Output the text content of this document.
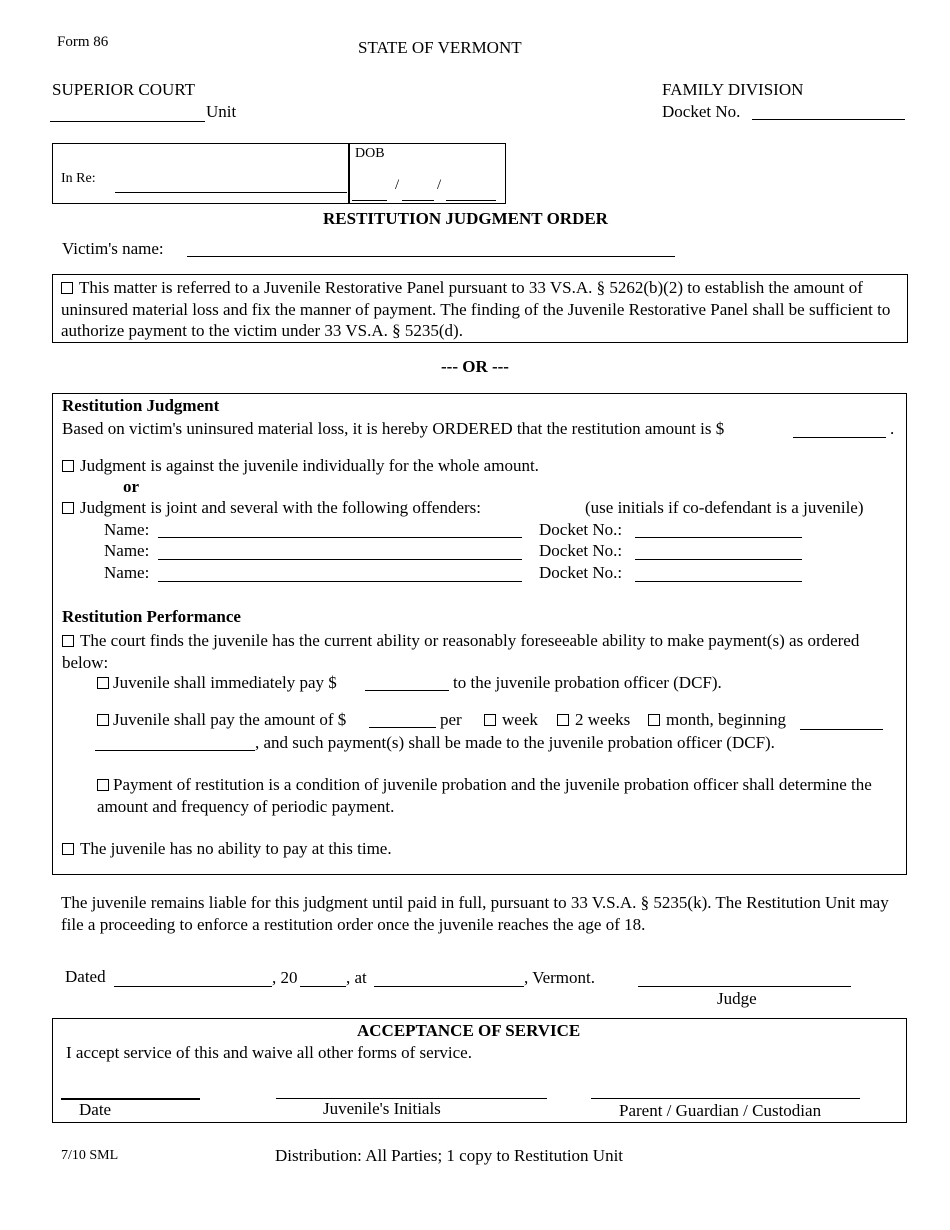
Form 86	STATE OF VERMONT
SUPERIOR COURT
Unit
FAMILY DIVISION
Docket No.
In Re:
DOB
/	/
RESTITUTION JUDGMENT ORDER
Victim's name:
This matter is referred to a Juvenile Restorative Panel pursuant to 33 VS.A. § 5262(b)(2) to establish the amount of uninsured material loss and fix the manner of payment. The finding of the Juvenile Restorative Panel shall be sufficient to authorize payment to the victim under 33 VS.A. § 5235(d).
--- OR ---
Restitution Judgment
Based on victim's uninsured material loss, it is hereby ORDERED that the restitution amount is $	.
Judgment is against the juvenile individually for the whole amount.
or
Judgment is joint and several with the following offenders:	(use initials if co-defendant is a juvenile)
Name:	Docket No.:
Name:	Docket No.:
Name:	Docket No.:
Restitution Performance
The court finds the juvenile has the current ability or reasonably foreseeable ability to make payment(s) as ordered below:
Juvenile shall immediately pay $	to the juvenile probation officer (DCF).
Juvenile shall pay the amount of $	per	week	2 weeks	month, beginning
, and such payment(s) shall be made to the juvenile probation officer (DCF).
Payment of restitution is a condition of juvenile probation and the juvenile probation officer shall determine the amount and frequency of periodic payment.
The juvenile has no ability to pay at this time.
The juvenile remains liable for this judgment until paid in full, pursuant to 33 V.S.A. § 5235(k). The Restitution Unit may file a proceeding to enforce a restitution order once the juvenile reaches the age of 18.
Dated	, 20	, at	, Vermont.
Judge
ACCEPTANCE OF SERVICE
I accept service of this and waive all other forms of service.
Date	Juvenile's Initials	Parent / Guardian / Custodian
7/10 SML	Distribution: All Parties; 1 copy to Restitution Unit
